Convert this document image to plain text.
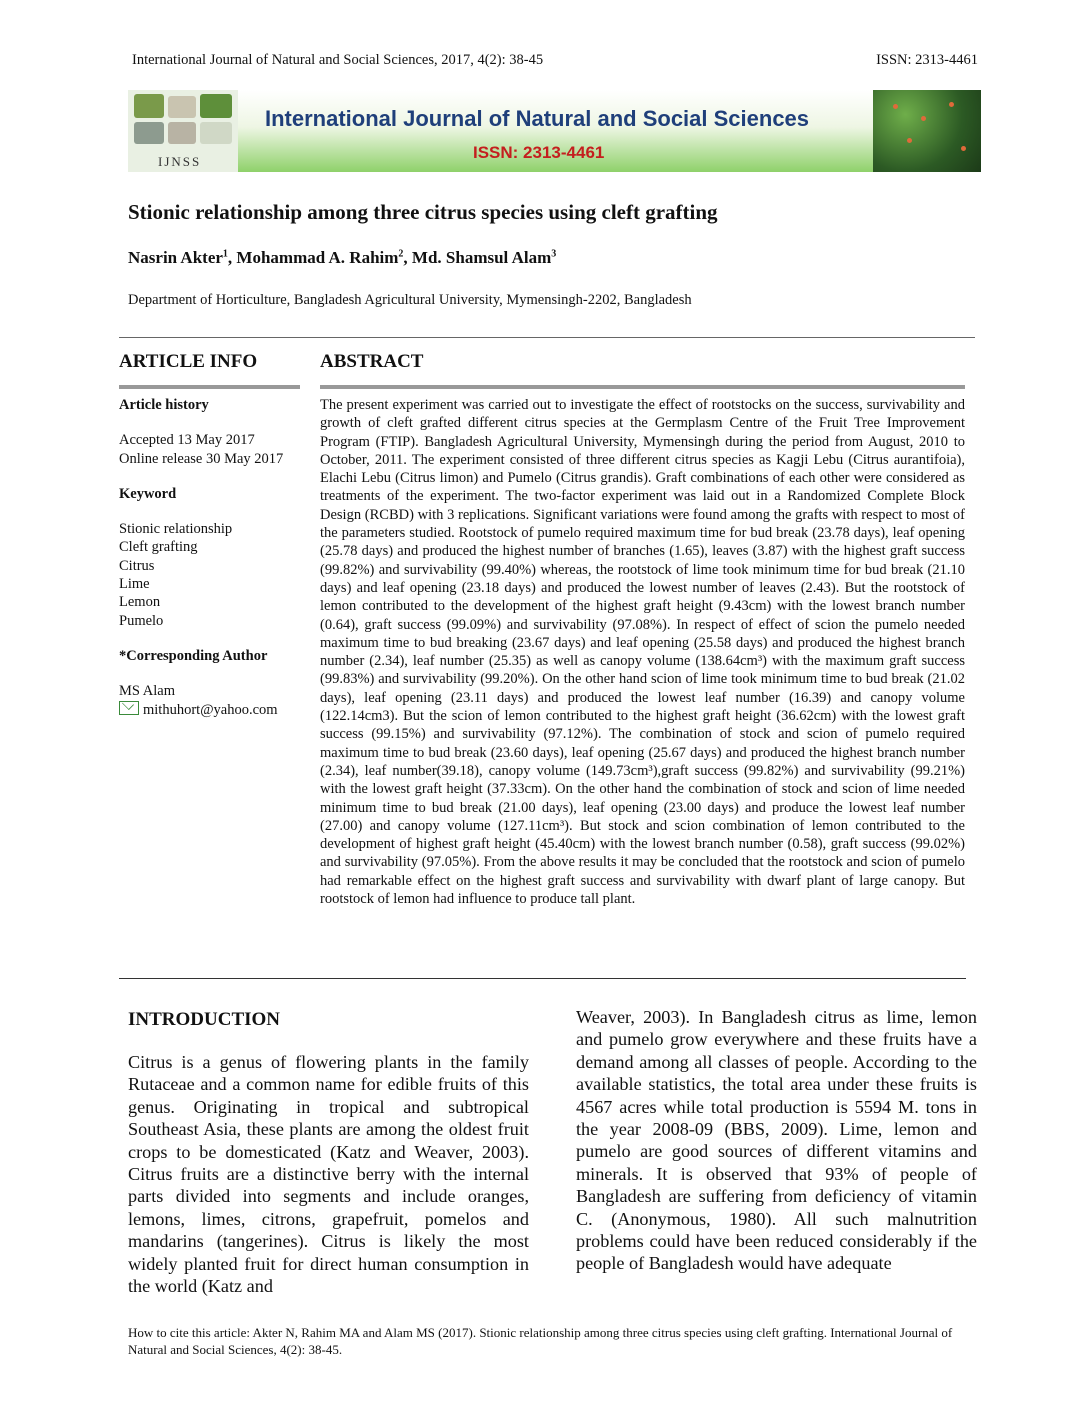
International Journal of Natural and Social Sciences, 2017, 4(2): 38-45	ISSN: 2313-4461
IJNSS
International Journal of Natural and Social Sciences
ISSN: 2313-4461
Stionic relationship among three citrus species using cleft grafting
Nasrin Akter$^1$, Mohammad A. Rahim$^2$, Md. Shamsul Alam$^3$
Department of Horticulture, Bangladesh Agricultural University, Mymensingh-2202, Bangladesh
ARTICLE INFO	ABSTRACT
Article history
Accepted 13 May 2017
Online release 30 May 2017
Keyword
Stionic relationship
Cleft grafting
Citrus
Lime
Lemon
Pumelo
*Corresponding Author
MS Alam
mithuhort@yahoo.com

The present experiment was carried out to investigate the effect of rootstocks on the success, survivability and growth of cleft grafted different citrus species at the Germplasm Centre of the Fruit Tree Improvement Program (FTIP). Bangladesh Agricultural University, Mymensingh during the period from August, 2010 to October, 2011. The experiment consisted of three different citrus species as Kagji Lebu (Citrus aurantifoia), Elachi Lebu (Citrus limon) and Pumelo (Citrus grandis). Graft combinations of each other were considered as treatments of the experiment. The two-factor experiment was laid out in a Randomized Complete Block Design (RCBD) with 3 replications. Significant variations were found among the grafts with respect to most of the parameters studied. Rootstock of pumelo required maximum time for bud break (23.78 days), leaf opening (25.78 days) and produced the highest number of branches (1.65), leaves (3.87) with the highest graft success (99.82%) and survivability (99.40%) whereas, the rootstock of lime took minimum time for bud break (21.10 days) and leaf opening (23.18 days) and produced the lowest number of leaves (2.43). But the rootstock of lemon contributed to the development of the highest graft height (9.43cm) with the lowest branch number (0.64), graft success (99.09%) and survivability (97.08%). In respect of effect of scion the pumelo needed maximum time to bud breaking (23.67 days) and leaf opening (25.58 days) and produced the highest branch number (2.34), leaf number (25.35) as well as canopy volume (138.64cm³) with the maximum graft success (99.83%) and survivability (99.20%). On the other hand scion of lime took minimum time to bud break (21.02 days), leaf opening (23.11 days) and produced the lowest leaf number (16.39) and canopy volume (122.14cm3). But the scion of lemon contributed to the highest graft height (36.62cm) with the lowest graft success (99.15%) and survivability (97.12%). The combination of stock and scion of pumelo required maximum time to bud break (23.60 days), leaf opening (25.67 days) and produced the highest branch number (2.34), leaf number(39.18), canopy volume (149.73cm³),graft success (99.82%) and survivability (99.21%) with the lowest graft height (37.33cm). On the other hand the combination of stock and scion of lime needed minimum time to bud break (21.00 days), leaf opening (23.00 days) and produce the lowest leaf number (27.00) and canopy volume (127.11cm³). But stock and scion combination of lemon contributed to the development of highest graft height (45.40cm) with the lowest branch number (0.58), graft success (99.02%) and survivability (97.05%). From the above results it may be concluded that the rootstock and scion of pumelo had remarkable effect on the highest graft success and survivability with dwarf plant of large canopy. But rootstock of lemon had influence to produce tall plant.

INTRODUCTION

Citrus is a genus of flowering plants in the family Rutaceae and a common name for edible fruits of this genus. Originating in tropical and subtropical Southeast Asia, these plants are among the oldest fruit crops to be domesticated (Katz and Weaver, 2003). Citrus fruits are a distinctive berry with the internal parts divided into segments and include oranges, lemons, limes, citrons, grapefruit, pomelos and mandarins (tangerines). Citrus is likely the most widely planted fruit for direct human consumption in the world (Katz and

Weaver, 2003). In Bangladesh citrus as lime, lemon and pumelo grow everywhere and these fruits have a demand among all classes of people. According to the available statistics, the total area under these fruits is 4567 acres while total production is 5594 M. tons in the year 2008-09 (BBS, 2009). Lime, lemon and pumelo are good sources of different vitamins and minerals. It is observed that 93% of people of Bangladesh are suffering from deficiency of vitamin C. (Anonymous, 1980). All such malnutrition problems could have been reduced considerably if the people of Bangladesh would have adequate

How to cite this article: Akter N, Rahim MA and Alam MS (2017). Stionic relationship among three citrus species using cleft grafting. International Journal of Natural and Social Sciences, 4(2): 38-45.
